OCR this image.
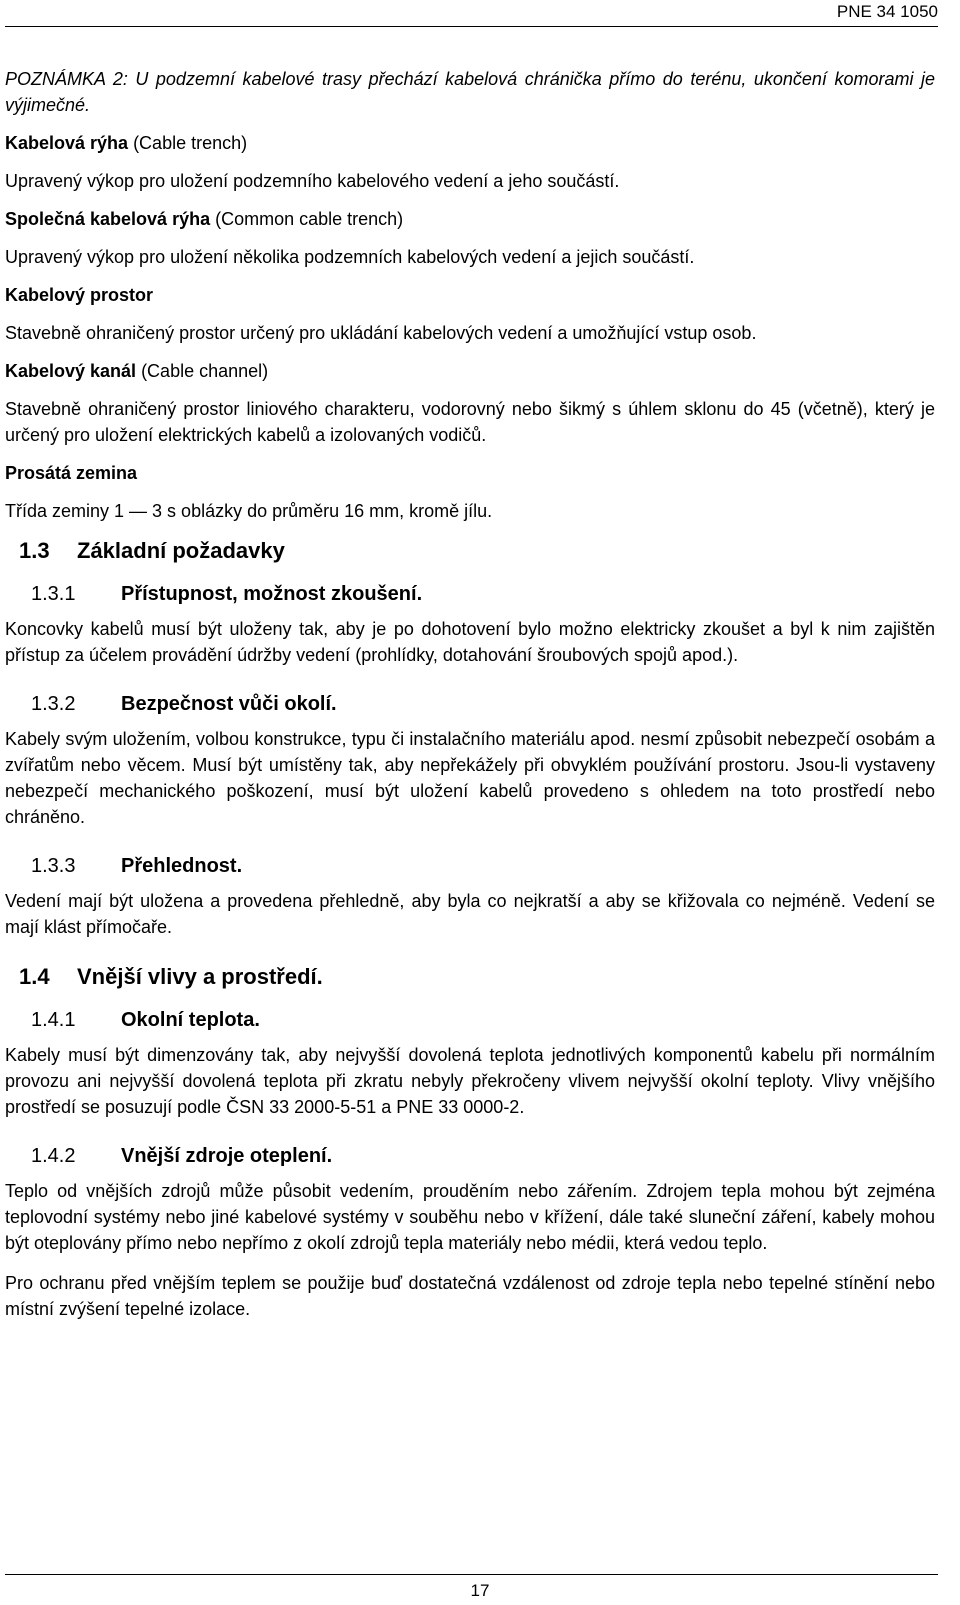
PNE 34 1050

POZNÁMKA 2: U podzemní kabelové trasy přechází kabelová chránička přímo do terénu, ukončení komorami je výjimečné.

Kabelová rýha (Cable trench)

Upravený výkop pro uložení podzemního kabelového vedení a jeho součástí.

Společná kabelová rýha (Common cable trench)

Upravený výkop pro uložení několika podzemních kabelových vedení a jejich součástí.

Kabelový prostor

Stavebně ohraničený prostor určený pro ukládání kabelových vedení a umožňující vstup osob.

Kabelový kanál (Cable channel)

Stavebně ohraničený prostor liniového charakteru, vodorovný nebo šikmý s úhlem sklonu do 45 (včetně), který je určený pro uložení elektrických kabelů a izolovaných vodičů.

Prosátá zemina

Třída zeminy 1 — 3 s oblázky do průměru 16 mm, kromě jílu.

1.3 Základní požadavky
1.3.1 Přístupnost, možnost zkoušení.

Koncovky kabelů musí být uloženy tak, aby je po dohotovení bylo možno elektricky zkoušet a byl k nim zajištěn přístup za účelem provádění údržby vedení (prohlídky, dotahování šroubových spojů apod.).

1.3.2 Bezpečnost vůči okolí.

Kabely svým uložením, volbou konstrukce, typu či instalačního materiálu apod. nesmí způsobit nebezpečí osobám a zvířatům nebo věcem. Musí být umístěny tak, aby nepřekážely při obvyklém používání prostoru. Jsou-li vystaveny nebezpečí mechanického poškození, musí být uložení kabelů provedeno s ohledem na toto prostředí nebo chráněno.

1.3.3 Přehlednost.

Vedení mají být uložena a provedena přehledně, aby byla co nejkratší a aby se křižovala co nejméně. Vedení se mají klást přímočaře.

1.4 Vnější vlivy a prostředí.
1.4.1 Okolní teplota.

Kabely musí být dimenzovány tak, aby nejvyšší dovolená teplota jednotlivých komponentů kabelu při normálním provozu ani nejvyšší dovolená teplota při zkratu nebyly překročeny vlivem nejvyšší okolní teploty. Vlivy vnějšího prostředí se posuzují podle ČSN 33 2000-5-51 a PNE 33 0000-2.

1.4.2 Vnější zdroje oteplení.

Teplo od vnějších zdrojů může působit vedením, prouděním nebo zářením. Zdrojem tepla mohou být zejména teplovodní systémy nebo jiné kabelové systémy v souběhu nebo v křížení, dále také sluneční záření, kabely mohou být oteplovány přímo nebo nepřímo z okolí zdrojů tepla materiály nebo médii, která vedou teplo.

Pro ochranu před vnějším teplem se použije buď dostatečná vzdálenost od zdroje tepla nebo tepelné stínění nebo místní zvýšení tepelné izolace.

17
